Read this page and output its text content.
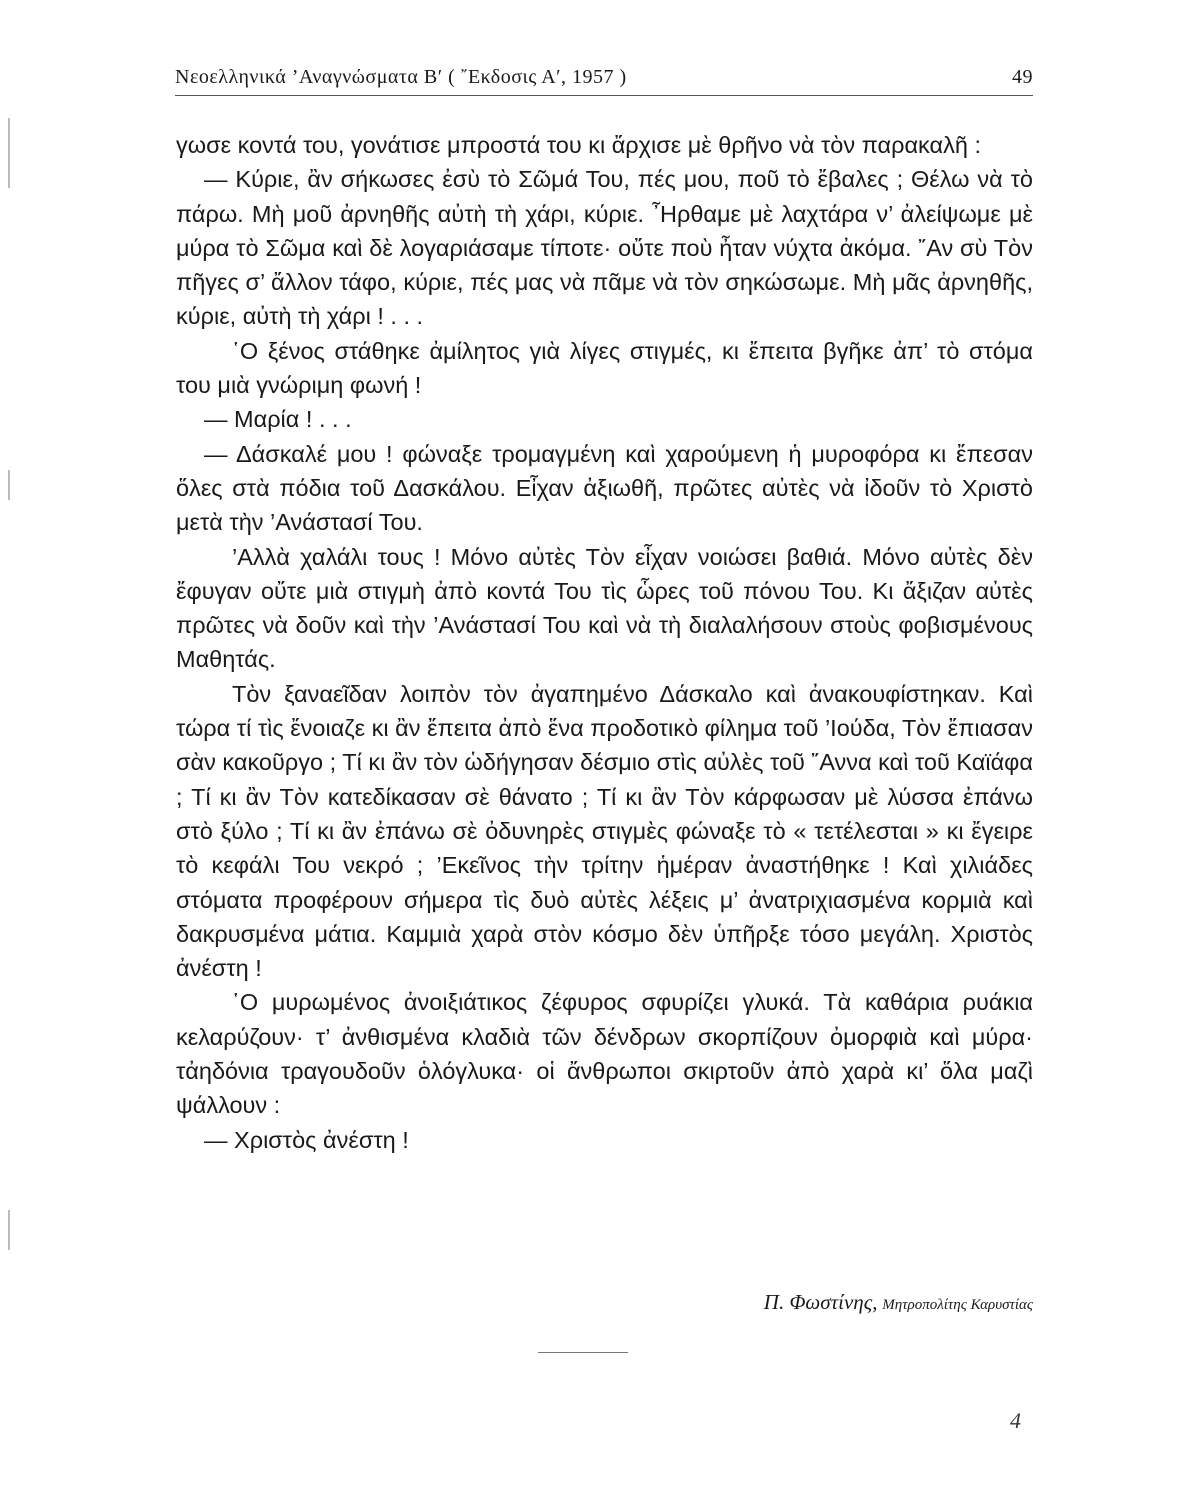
Νεοελληνικά ’Αναγνώσματα Β′ ( ῎Εκδοσις Α′, 1957 )	49

γωσε κοντά του, γονάτισε μπροστά του κι ἄρχισε μὲ θρῆνο νὰ τὸν παρακαλῆ :

— Κύριε, ἂν σήκωσες ἐσὺ τὸ Σῶμά Του, πές μου, ποῦ τὸ ἔβαλες ; Θέλω νὰ τὸ πάρω. Μὴ μοῦ ἀρνηθῆς αὐτὴ τὴ χάρι, κύριε. ῏Ηρθαμε μὲ λαχτάρα ν’ ἀλείψωμε μὲ μύρα τὸ Σῶμα καὶ δὲ λογαριάσαμε τίποτε· οὔτε ποὺ ἦταν νύχτα ἀκόμα. ῎Αν σὺ Τὸν πῆγες σ’ ἄλλον τάφο, κύριε, πές μας νὰ πᾶμε νὰ τὸν σηκώσωμε. Μὴ μᾶς ἀρνηθῆς, κύριε, αὐτὴ τὴ χάρι ! . . .

῾Ο ξένος στάθηκε ἀμίλητος γιὰ λίγες στιγμές, κι ἔπειτα βγῆκε ἀπ’ τὸ στόμα του μιὰ γνώριμη φωνή !

— Μαρία ! . . .

— Δάσκαλέ μου ! φώναξε τρομαγμένη καὶ χαρούμενη ἡ μυροφόρα κι ἔπεσαν ὅλες στὰ πόδια τοῦ Δασκάλου. Εἶχαν ἀξιωθῆ, πρῶτες αὐτὲς νὰ ἰδοῦν τὸ Χριστὸ μετὰ τὴν ’Ανάστασί Του.

’Αλλὰ χαλάλι τους ! Μόνο αὐτὲς Τὸν εἶχαν νοιώσει βαθιά. Μόνο αὐτὲς δὲν ἔφυγαν οὔτε μιὰ στιγμὴ ἀπὸ κοντά Του τὶς ὧρες τοῦ πόνου Του. Κι ἄξιζαν αὐτὲς πρῶτες νὰ δοῦν καὶ τὴν ’Ανάστασί Του καὶ νὰ τὴ διαλαλήσουν στοὺς φοβισμένους Μαθητάς.

Τὸν ξαναεῖδαν λοιπὸν τὸν ἀγαπημένο Δάσκαλο καὶ ἀνακουφίστηκαν. Καὶ τώρα τί τὶς ἔνοιαζε κι ἂν ἔπειτα ἀπὸ ἕνα προδοτικὸ φίλημα τοῦ ’Ιούδα, Τὸν ἔπιασαν σὰν κακοῦργο ; Τί κι ἂν τὸν ὡδήγησαν δέσμιο στὶς αὐλὲς τοῦ ῎Αννα καὶ τοῦ Καϊάφα ; Τί κι ἂν Τὸν κατεδίκασαν σὲ θάνατο ; Τί κι ἂν Τὸν κάρφωσαν μὲ λύσσα ἐπάνω στὸ ξύλο ; Τί κι ἂν ἐπάνω σὲ ὀδυνηρὲς στιγμὲς φώναξε τὸ « τετέλεσται » κι ἔγειρε τὸ κεφάλι Του νεκρό ; ’Εκεῖνος τὴν τρίτην ἡμέραν ἀναστήθηκε ! Καὶ χιλιάδες στόματα προφέρουν σήμερα τὶς δυὸ αὐτὲς λέξεις μ’ ἀνατριχιασμένα κορμιὰ καὶ δακρυσμένα μάτια. Καμμιὰ χαρὰ στὸν κόσμο δὲν ὑπῆρξε τόσο μεγάλη. Χριστὸς ἀνέστη !

῾Ο μυρωμένος ἀνοιξιάτικος ζέφυρος σφυρίζει γλυκά. Τὰ καθάρια ρυάκια κελαρύζουν· τ’ ἀνθισμένα κλαδιὰ τῶν δένδρων σκορπίζουν ὀμορφιὰ καὶ μύρα· τἀηδόνια τραγουδοῦν ὁλόγλυκα· οἱ ἄνθρωποι σκιρτοῦν ἀπὸ χαρὰ κι’ ὅλα μαζὶ ψάλλουν :

— Χριστὸς ἀνέστη !

Π. Φωστίνης, Μητροπολίτης Καρυστίας
4
